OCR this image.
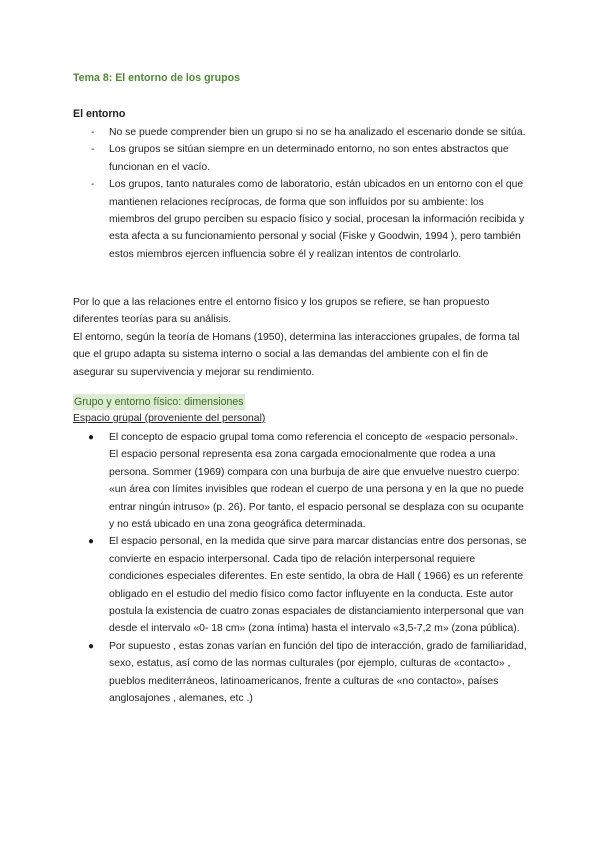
Tema 8: El entorno de los grupos
El entorno
- No se puede comprender bien un grupo si no se ha analizado el escenario donde se sitúa.
- Los grupos se sitúan siempre en un determinado entorno, no son entes abstractos que funcionan en el vacío.
- Los grupos, tanto naturales como de laboratorio, están ubicados en un entorno con el que mantienen relaciones recíprocas, de forma que son influídos por su ambiente: los miembros del grupo perciben su espacio físico y social, procesan la información recibida y esta afecta a su funcionamiento personal y social (Fiske y Goodwin, 1994 ), pero también estos miembros ejercen influencia sobre él y realizan intentos de controlarlo.

Por lo que a las relaciones entre el entorno físico y los grupos se refiere, se han propuesto diferentes teorías para su análisis.

El entorno, según la teoría de Homans (1950), determina las interacciones grupales, de forma tal que el grupo adapta su sistema interno o social a las demandas del ambiente con el fin de asegurar su supervivencia y mejorar su rendimiento.

Grupo y entorno físico: dimensiones
Espacio grupal (proveniente del personal)
● El concepto de espacio grupal toma como referencia el concepto de «espacio personal». El espacio personal representa esa zona cargada emocionalmente que rodea a una persona. Sommer (1969) compara con una burbuja de aire que envuelve nuestro cuerpo: «un área con límites invisibles que rodean el cuerpo de una persona y en la que no puede entrar ningún intruso» (p. 26). Por tanto, el espacio personal se desplaza con su ocupante y no está ubicado en una zona geográfica determinada.
● El espacio personal, en la medida que sirve para marcar distancias entre dos personas, se convierte en espacio interpersonal. Cada tipo de relación interpersonal requiere condiciones especiales diferentes. En este sentido, la obra de Hall ( 1966) es un referente obligado en el estudio del medio físico como factor influyente en la conducta. Este autor postula la existencia de cuatro zonas espaciales de distanciamiento interpersonal que van desde el intervalo «0- 18 cm» (zona íntima) hasta el intervalo «3,5-7,2 m» (zona pública).
● Por supuesto , estas zonas varían en función del tipo de interacción, grado de familiaridad, sexo, estatus, así como de las normas culturales (por ejemplo, culturas de «contacto» , pueblos mediterráneos, latinoamericanos, frente a culturas de «no contacto», países anglosajones , alemanes, etc .)
